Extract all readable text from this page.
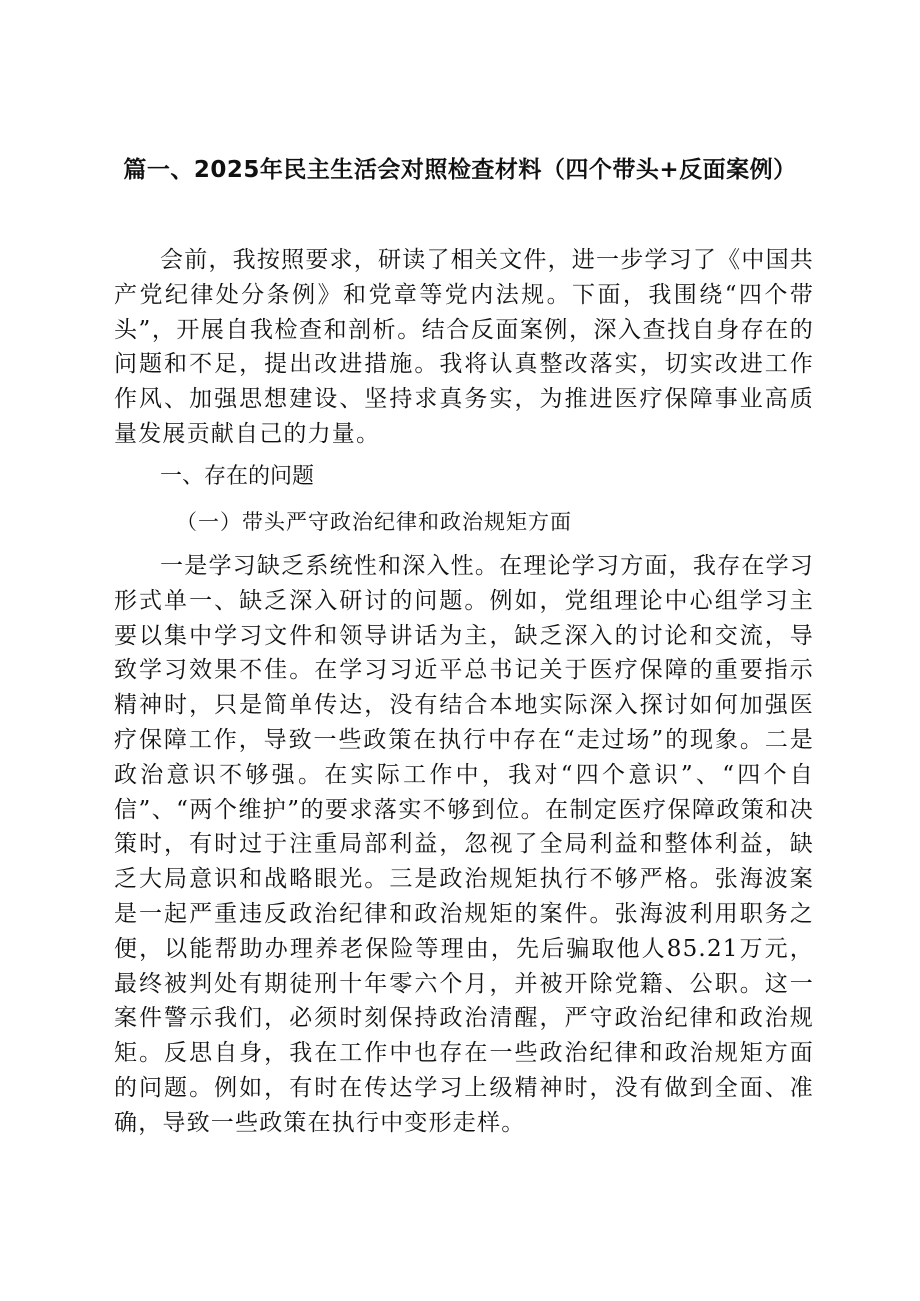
篇一、2025年民主生活会对照检查材料（四个带头+反面案例）

会前，我按照要求，研读了相关文件，进一步学习了《中国共产党纪律处分条例》和党章等党内法规。下面，我围绕“四个带头”，开展自我检查和剖析。结合反面案例，深入查找自身存在的问题和不足，提出改进措施。我将认真整改落实，切实改进工作作风、加强思想建设、坚持求真务实，为推进医疗保障事业高质量发展贡献自己的力量。

一、存在的问题
（一）带头严守政治纪律和政治规矩方面

一是学习缺乏系统性和深入性。在理论学习方面，我存在学习形式单一、缺乏深入研讨的问题。例如，党组理论中心组学习主要以集中学习文件和领导讲话为主，缺乏深入的讨论和交流，导致学习效果不佳。在学习习近平总书记关于医疗保障的重要指示精神时，只是简单传达，没有结合本地实际深入探讨如何加强医疗保障工作，导致一些政策在执行中存在“走过场”的现象。二是政治意识不够强。在实际工作中，我对“四个意识”、“四个自信”、“两个维护”的要求落实不够到位。在制定医疗保障政策和决策时，有时过于注重局部利益，忽视了全局利益和整体利益，缺乏大局意识和战略眼光。三是政治规矩执行不够严格。张海波案是一起严重违反政治纪律和政治规矩的案件。张海波利用职务之便，以能帮助办理养老保险等理由，先后骗取他人85.21万元，最终被判处有期徒刑十年零六个月，并被开除党籍、公职。这一案件警示我们，必须时刻保持政治清醒，严守政治纪律和政治规矩。反思自身，我在工作中也存在一些政治纪律和政治规矩方面的问题。例如，有时在传达学习上级精神时，没有做到全面、准确，导致一些政策在执行中变形走样。
